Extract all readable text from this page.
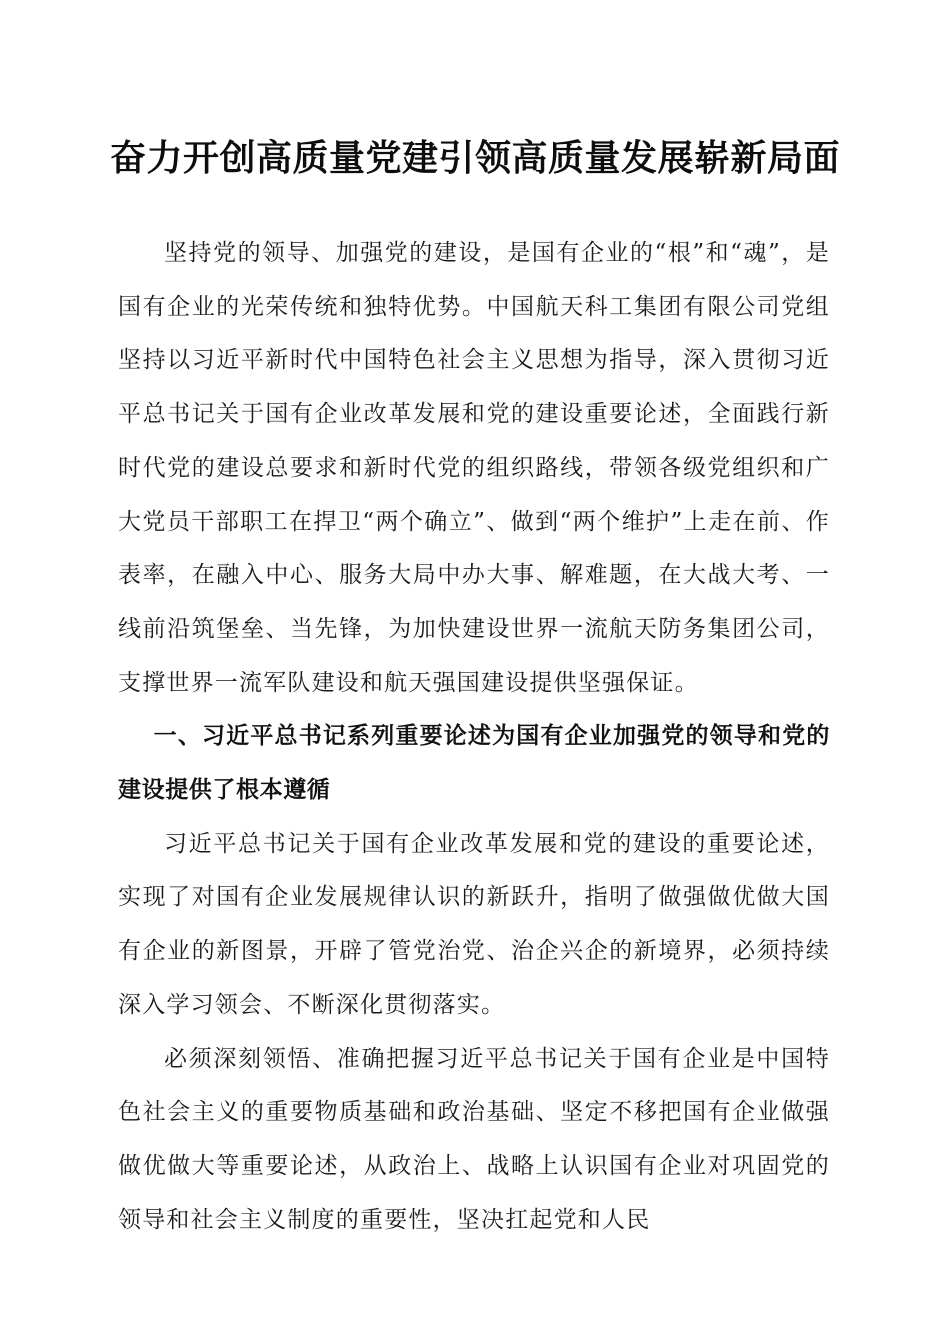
奋力开创高质量党建引领高质量发展崭新局面

坚持党的领导、加强党的建设，是国有企业的“根”和“魂”，是国有企业的光荣传统和独特优势。中国航天科工集团有限公司党组坚持以习近平新时代中国特色社会主义思想为指导，深入贯彻习近平总书记关于国有企业改革发展和党的建设重要论述，全面践行新时代党的建设总要求和新时代党的组织路线，带领各级党组织和广大党员干部职工在捍卫“两个确立”、做到“两个维护”上走在前、作表率，在融入中心、服务大局中办大事、解难题，在大战大考、一线前沿筑堡垒、当先锋，为加快建设世界一流航天防务集团公司，支撑世界一流军队建设和航天强国建设提供坚强保证。

一、习近平总书记系列重要论述为国有企业加强党的领导和党的建设提供了根本遵循

习近平总书记关于国有企业改革发展和党的建设的重要论述，实现了对国有企业发展规律认识的新跃升，指明了做强做优做大国有企业的新图景，开辟了管党治党、治企兴企的新境界，必须持续深入学习领会、不断深化贯彻落实。

必须深刻领悟、准确把握习近平总书记关于国有企业是中国特色社会主义的重要物质基础和政治基础、坚定不移把国有企业做强做优做大等重要论述，从政治上、战略上认识国有企业对巩固党的领导和社会主义制度的重要性，坚决扛起党和人民
